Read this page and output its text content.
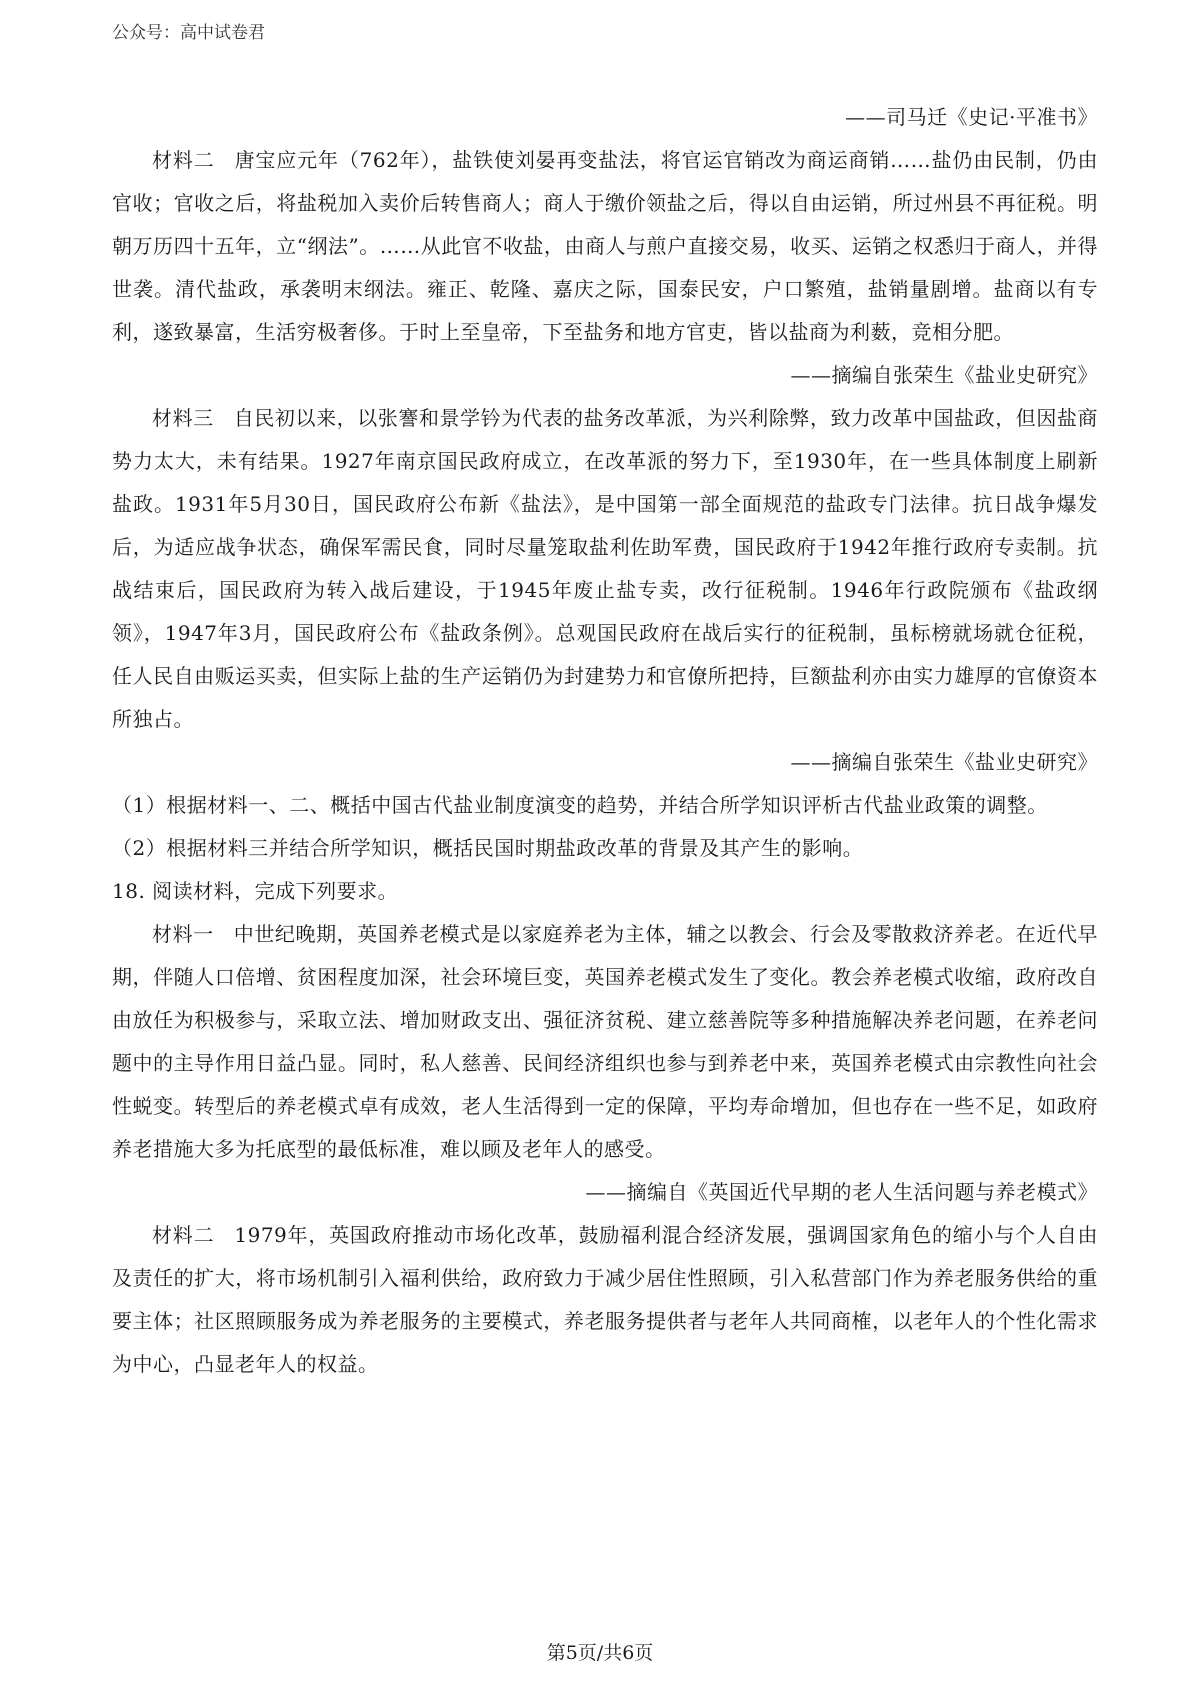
公众号：高中试卷君

——司马迁《史记·平准书》

材料二 唐宝应元年（762年），盐铁使刘晏再变盐法，将官运官销改为商运商销……盐仍由民制，仍由官收；官收之后，将盐税加入卖价后转售商人；商人于缴价领盐之后，得以自由运销，所过州县不再征税。明朝万历四十五年，立“纲法”。……从此官不收盐，由商人与煎户直接交易，收买、运销之权悉归于商人，并得世袭。清代盐政，承袭明末纲法。雍正、乾隆、嘉庆之际，国泰民安，户口繁殖，盐销量剧增。盐商以有专利，遂致暴富，生活穷极奢侈。于时上至皇帝，下至盐务和地方官吏，皆以盐商为利薮，竞相分肥。

——摘编自张荣生《盐业史研究》

材料三 自民初以来，以张謇和景学钤为代表的盐务改革派，为兴利除弊，致力改革中国盐政，但因盐商势力太大，未有结果。1927年南京国民政府成立，在改革派的努力下，至1930年，在一些具体制度上刷新盐政。1931年5月30日，国民政府公布新《盐法》，是中国第一部全面规范的盐政专门法律。抗日战争爆发后，为适应战争状态，确保军需民食，同时尽量笼取盐利佐助军费，国民政府于1942年推行政府专卖制。抗战结束后，国民政府为转入战后建设，于1945年废止盐专卖，改行征税制。1946年行政院颁布《盐政纲领》，1947年3月，国民政府公布《盐政条例》。总观国民政府在战后实行的征税制，虽标榜就场就仓征税，任人民自由贩运买卖，但实际上盐的生产运销仍为封建势力和官僚所把持，巨额盐利亦由实力雄厚的官僚资本所独占。

——摘编自张荣生《盐业史研究》

（1）根据材料一、二、概括中国古代盐业制度演变的趋势，并结合所学知识评析古代盐业政策的调整。

（2）根据材料三并结合所学知识，概括民国时期盐政改革的背景及其产生的影响。

18. 阅读材料，完成下列要求。

材料一 中世纪晚期，英国养老模式是以家庭养老为主体，辅之以教会、行会及零散救济养老。在近代早期，伴随人口倍增、贫困程度加深，社会环境巨变，英国养老模式发生了变化。教会养老模式收缩，政府改自由放任为积极参与，采取立法、增加财政支出、强征济贫税、建立慈善院等多种措施解决养老问题，在养老问题中的主导作用日益凸显。同时，私人慈善、民间经济组织也参与到养老中来，英国养老模式由宗教性向社会性蜕变。转型后的养老模式卓有成效，老人生活得到一定的保障，平均寿命增加，但也存在一些不足，如政府养老措施大多为托底型的最低标准，难以顾及老年人的感受。

——摘编自《英国近代早期的老人生活问题与养老模式》

材料二 1979年，英国政府推动市场化改革，鼓励福利混合经济发展，强调国家角色的缩小与个人自由及责任的扩大，将市场机制引入福利供给，政府致力于减少居住性照顾，引入私营部门作为养老服务供给的重要主体；社区照顾服务成为养老服务的主要模式，养老服务提供者与老年人共同商榷，以老年人的个性化需求为中心，凸显老年人的权益。

第5页/共6页
